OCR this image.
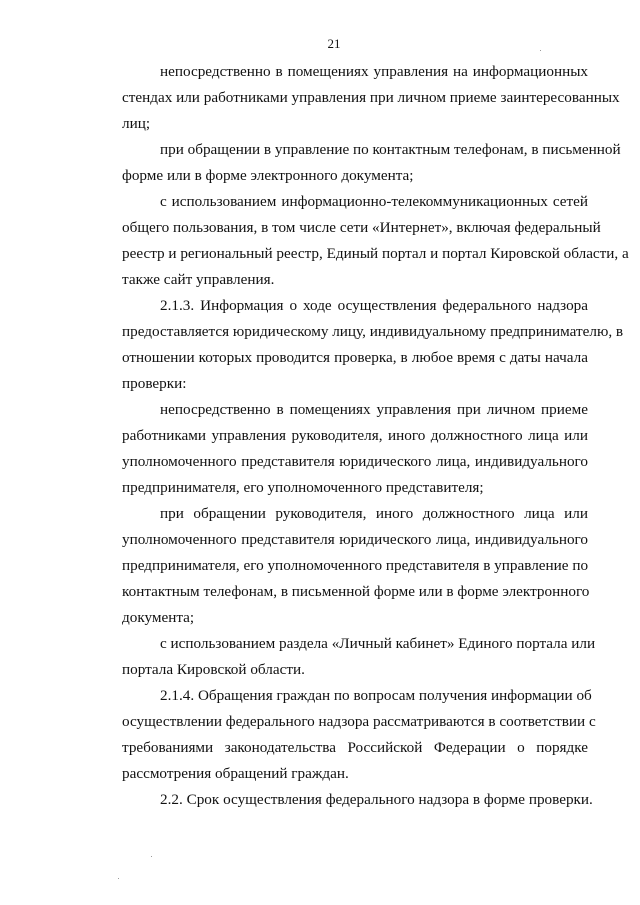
21
непосредственно в помещениях управления на информационных
стендах или работниками управления при личном приеме заинтересованных
лиц;
при обращении в управление по контактным телефонам, в письменной
форме или в форме электронного документа;
с использованием информационно-телекоммуникационных сетей
общего пользования, в том числе сети «Интернет», включая федеральный
реестр и региональный реестр, Единый портал и портал Кировской области, а
также сайт управления.
2.1.3. Информация о ходе осуществления федерального надзора
предоставляется юридическому лицу, индивидуальному предпринимателю, в
отношении которых проводится проверка, в любое время с даты начала
проверки:
непосредственно в помещениях управления при личном приеме
работниками управления руководителя, иного должностного лица или
уполномоченного представителя юридического лица, индивидуального
предпринимателя, его уполномоченного представителя;
при обращении руководителя, иного должностного лица или
уполномоченного представителя юридического лица, индивидуального
предпринимателя, его уполномоченного представителя в управление по
контактным телефонам, в письменной форме или в форме электронного
документа;
с использованием раздела «Личный кабинет» Единого портала или
портала Кировской области.
2.1.4. Обращения граждан по вопросам получения информации об
осуществлении федерального надзора рассматриваются в соответствии с
требованиями законодательства Российской Федерации о порядке
рассмотрения обращений граждан.
2.2. Срок осуществления федерального надзора в форме проверки.
